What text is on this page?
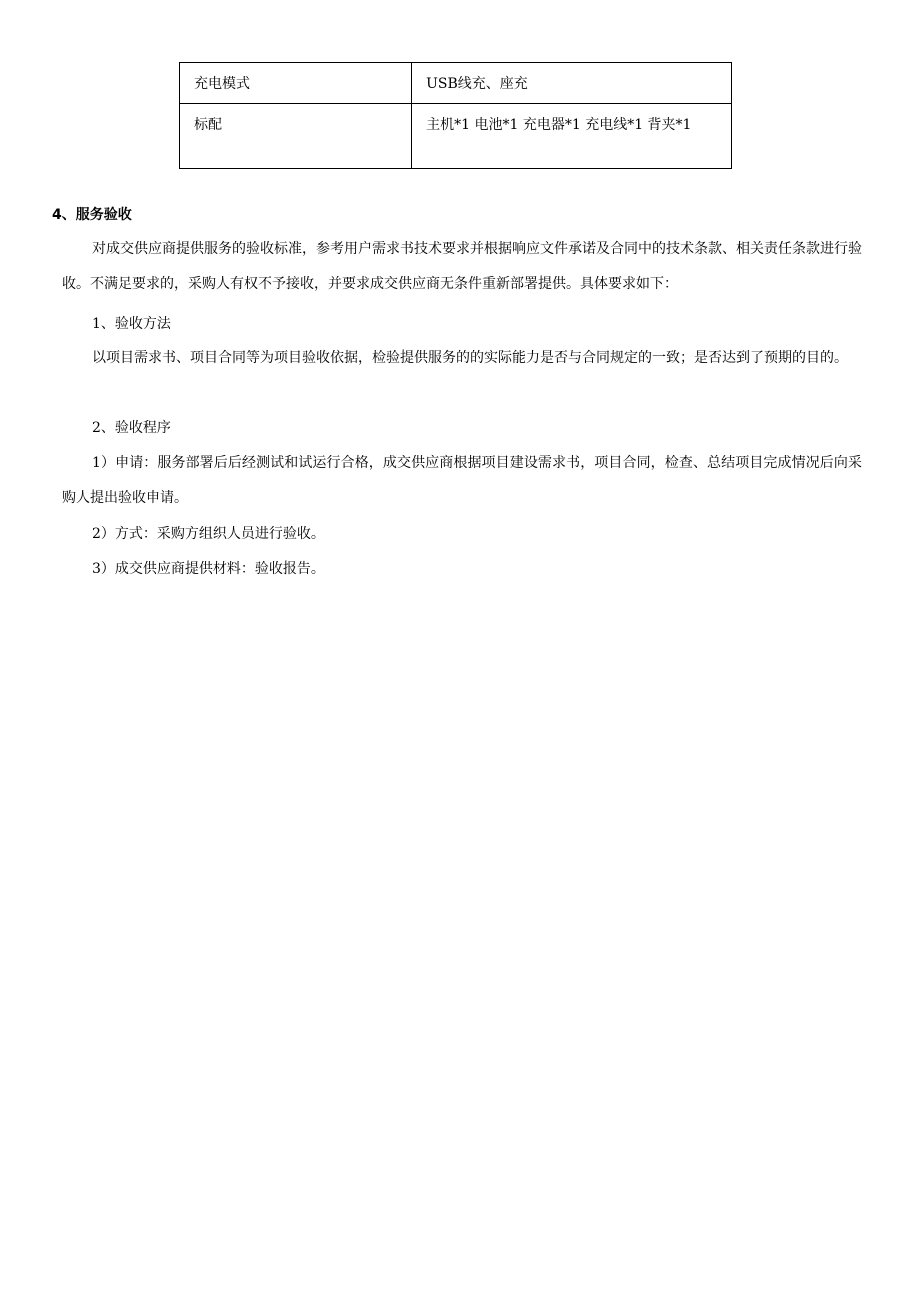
充电模式	USB线充、座充

标配	主机*1 电池*1 充电器*1 充电线*1 背夹*1
4、服务验收

对成交供应商提供服务的验收标准，参考用户需求书技术要求并根据响应文件承诺及合同中的技术条款、相关责任条款进行验收。不满足要求的，采购人有权不予接收，并要求成交供应商无条件重新部署提供。具体要求如下：

1、验收方法

以项目需求书、项目合同等为项目验收依据，检验提供服务的的实际能力是否与合同规定的一致；是否达到了预期的目的。

2、验收程序

1）申请：服务部署后后经测试和试运行合格，成交供应商根据项目建设需求书，项目合同，检查、总结项目完成情况后向采购人提出验收申请。

2）方式：采购方组织人员进行验收。

3）成交供应商提供材料：验收报告。
